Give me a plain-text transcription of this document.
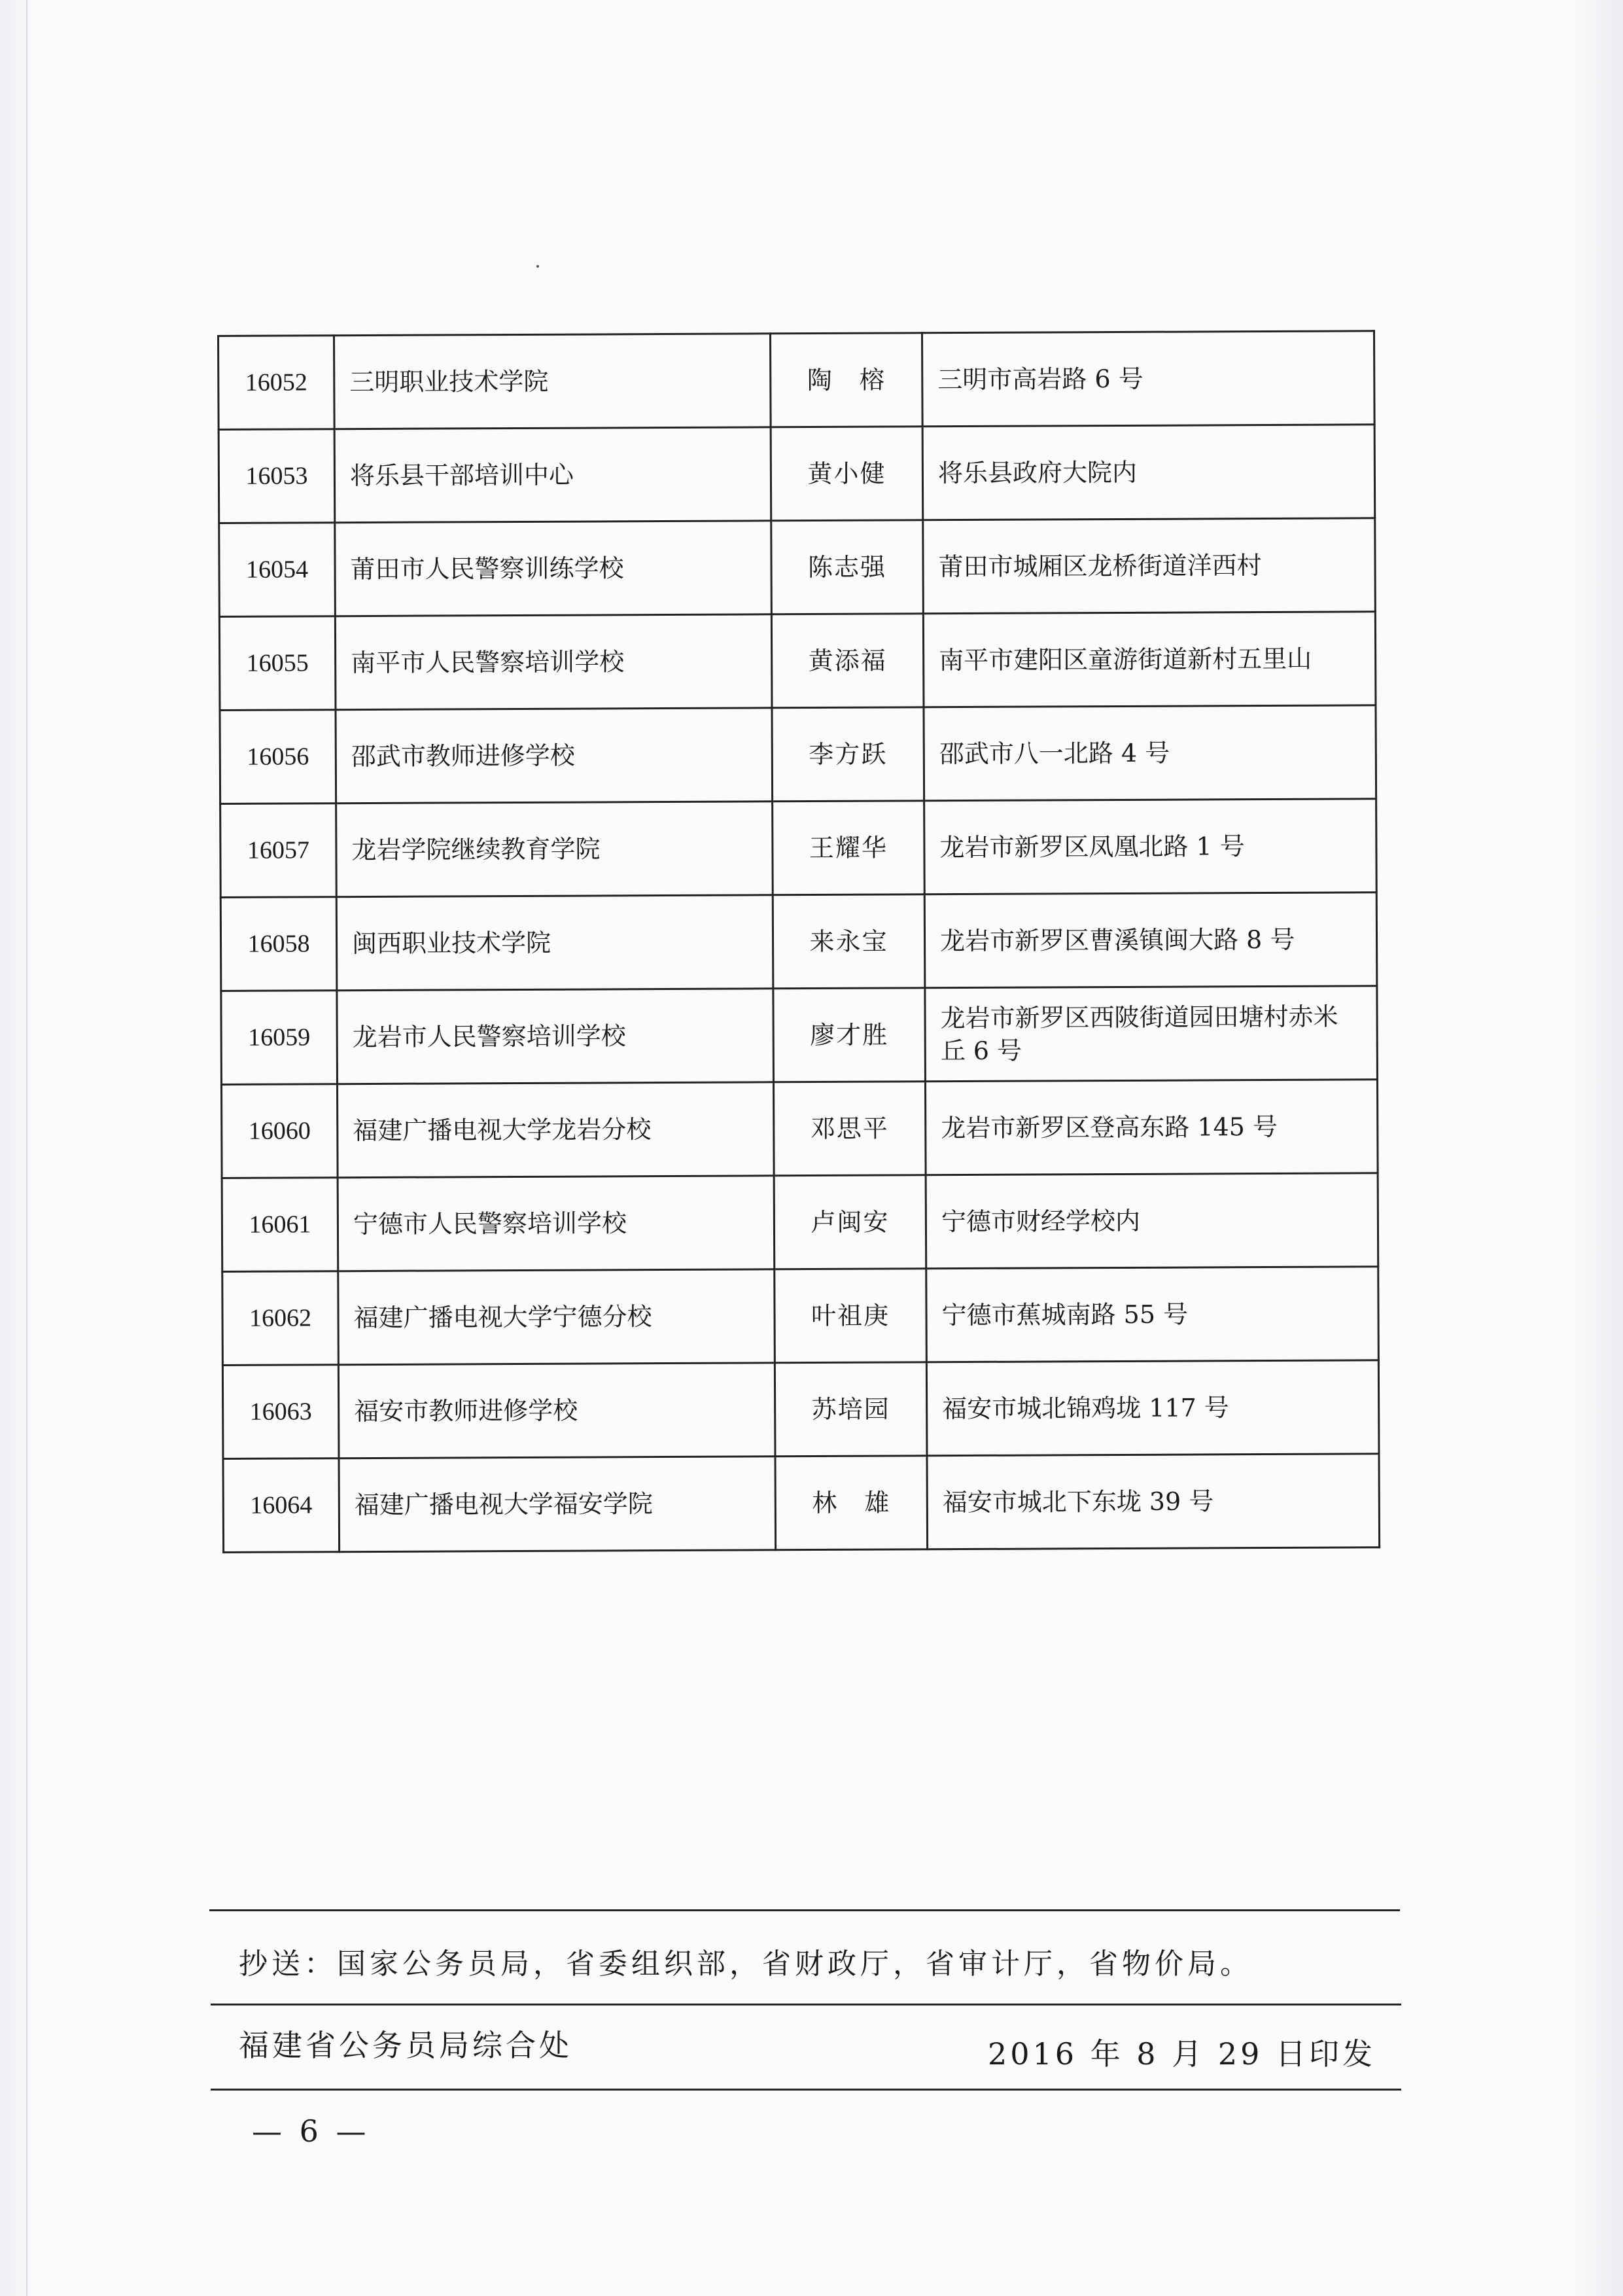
16052	三明职业技术学院	陶　榕	三明市高岩路 6 号
16053	将乐县干部培训中心	黄小健	将乐县政府大院内
16054	莆田市人民警察训练学校	陈志强	莆田市城厢区龙桥街道洋西村
16055	南平市人民警察培训学校	黄添福	南平市建阳区童游街道新村五里山
16056	邵武市教师进修学校	李方跃	邵武市八一北路 4 号
16057	龙岩学院继续教育学院	王耀华	龙岩市新罗区凤凰北路 1 号
16058	闽西职业技术学院	来永宝	龙岩市新罗区曹溪镇闽大路 8 号
16059	龙岩市人民警察培训学校	廖才胜	龙岩市新罗区西陂街道园田塘村赤米丘 6 号
16060	福建广播电视大学龙岩分校	邓思平	龙岩市新罗区登高东路 145 号
16061	宁德市人民警察培训学校	卢闽安	宁德市财经学校内
16062	福建广播电视大学宁德分校	叶祖庚	宁德市蕉城南路 55 号
16063	福安市教师进修学校	苏培园	福安市城北锦鸡垅 117 号
16064	福建广播电视大学福安学院	林　雄	福安市城北下东垅 39 号
抄送：国家公务员局，省委组织部，省财政厅，省审计厅，省物价局。
福建省公务员局综合处	2016 年 8 月 29 日印发
— 6 —
